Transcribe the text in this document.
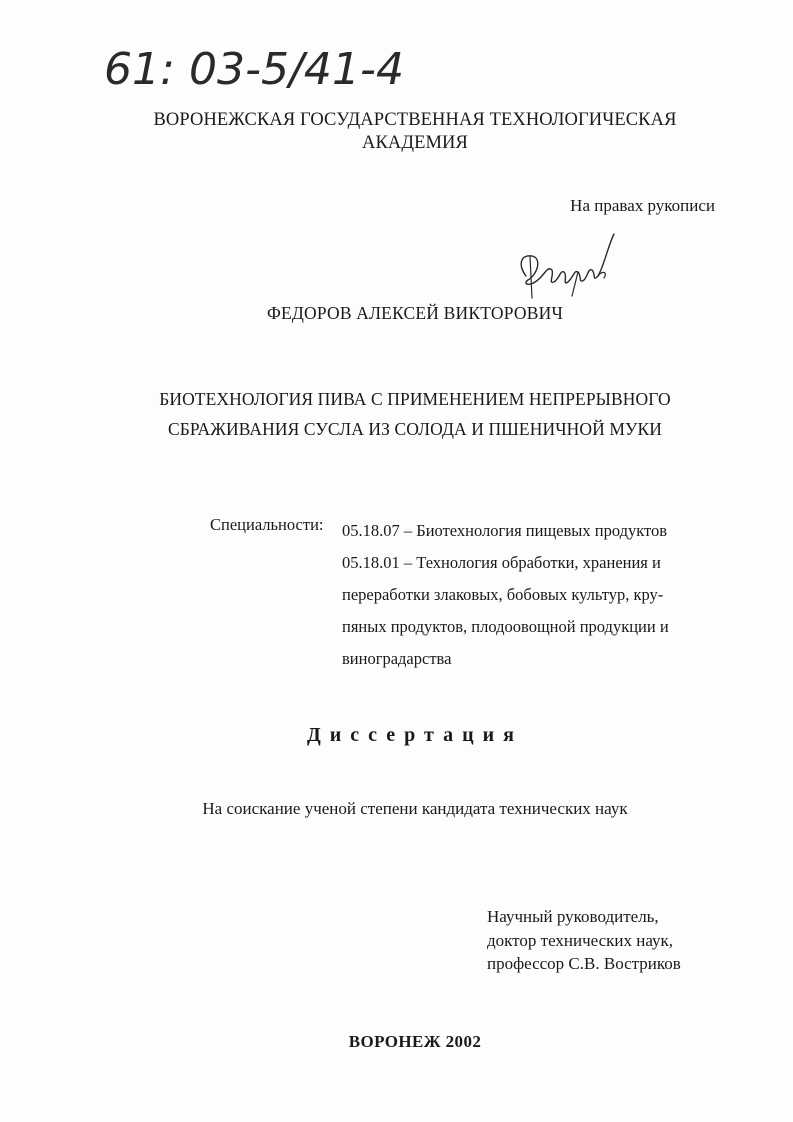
61: 03-5/41-4
ВОРОНЕЖСКАЯ ГОСУДАРСТВЕННАЯ ТЕХНОЛОГИЧЕСКАЯ
АКАДЕМИЯ
На правах рукописи
ФЕДОРОВ АЛЕКСЕЙ ВИКТОРОВИЧ
БИОТЕХНОЛОГИЯ ПИВА С ПРИМЕНЕНИЕМ НЕПРЕРЫВНОГО
СБРАЖИВАНИЯ СУСЛА ИЗ СОЛОДА И ПШЕНИЧНОЙ МУКИ
Специальности: 05.18.07 – Биотехнология пищевых продуктов
05.18.01 – Технология обработки, хранения и
переработки злаковых, бобовых культур, кру-
пяных продуктов, плодоовощной продукции и
виноградарства
Диссертация
На соискание ученой степени кандидата технических наук
Научный руководитель,
доктор технических наук,
профессор С.В. Востриков
ВОРОНЕЖ 2002
